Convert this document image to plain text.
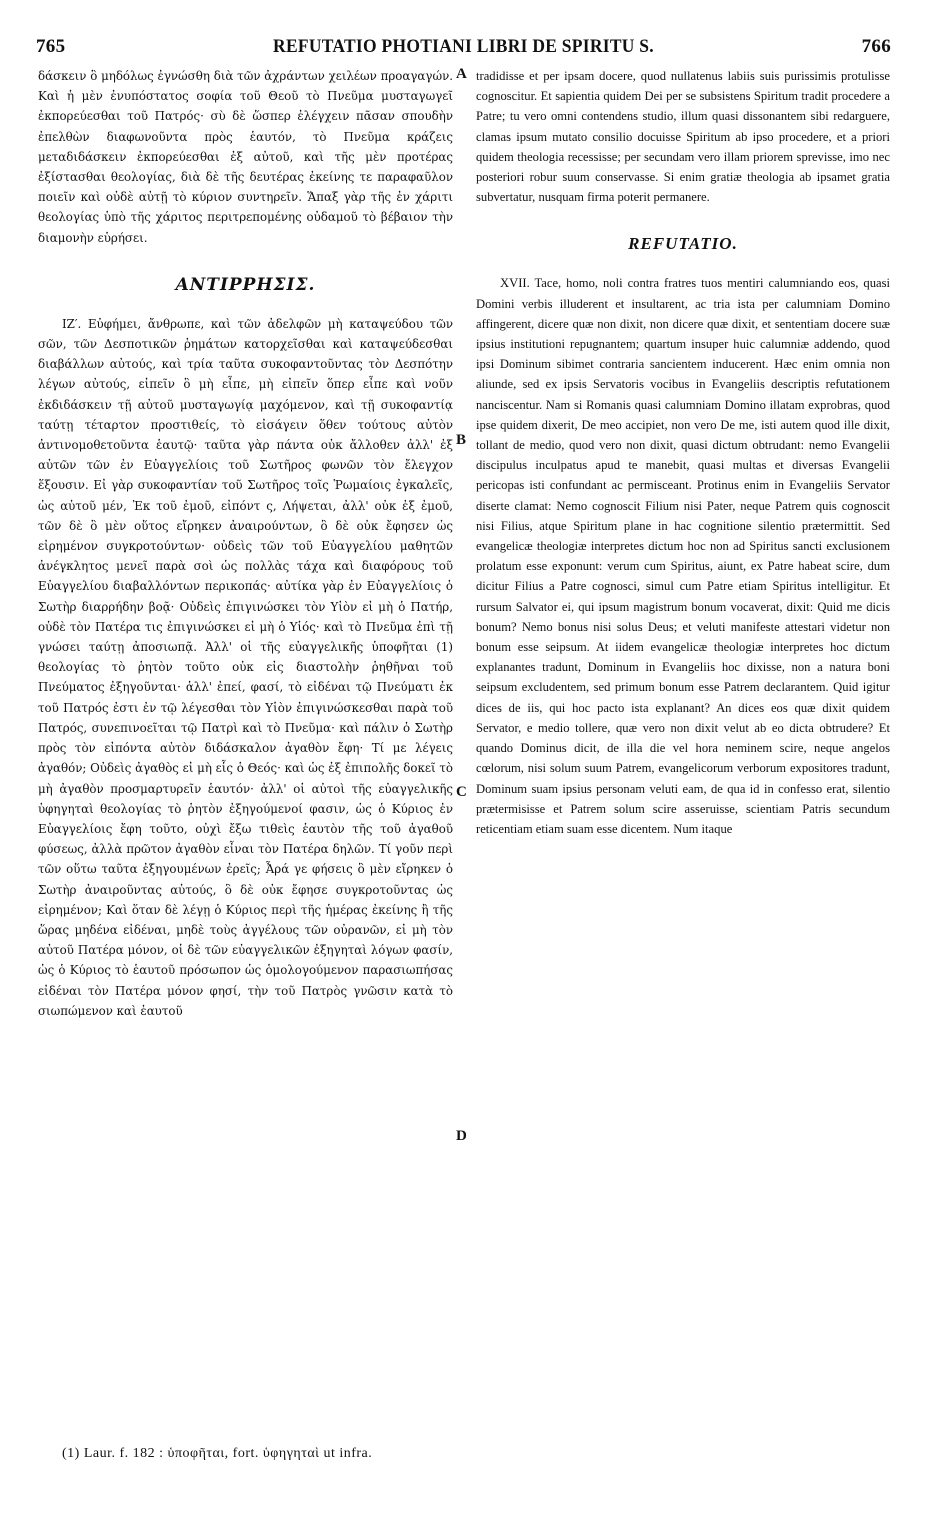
765	REFUTATIO PHOTIANI LIBRI DE SPIRITU S.	766

δάσκειν ὃ μηδόλως ἐγνώσθη διὰ τῶν ἀχράντων χειλέων προαγαγών. Καὶ ἡ μὲν ἐνυπόστατος σοφία τοῦ Θεοῦ τὸ Πνεῦμα μυσταγωγεῖ ἐκπορεύεσθαι τοῦ Πατρός· σὺ δὲ ὥσπερ ἐλέγχειν πᾶσαν σπουδὴν ἐπελθὼν διαφωνοῦντα πρὸς ἑαυτόν, τὸ Πνεῦμα κράζεις μεταδιδάσκειν ἐκπορεύεσθαι ἐξ αὐτοῦ, καὶ τῆς μὲν προτέρας ἐξίστασθαι θεολογίας, διὰ δὲ τῆς δευτέρας ἐκείνης τε παραφαῦλον ποιεῖν καὶ οὐδὲ αὐτῇ τὸ κύριον συντηρεῖν. Ἅπαξ γὰρ τῆς ἐν χάριτι θεολογίας ὑπὸ τῆς χάριτος περιτρεπομένης οὐδαμοῦ τὸ βέβαιον τὴν διαμονὴν εὑρήσει.

ΑΝΤΙΡΡΗΣΙΣ.

ΙΖ′. Εὐφήμει, ἄνθρωπε, καὶ τῶν ἀδελφῶν μὴ καταψεύδου τῶν σῶν, τῶν Δεσποτικῶν ῥημάτων κατορχεῖσθαι καὶ καταψεύδεσθαι διαβάλλων αὐτούς, καὶ τρία ταῦτα συκοφαντοῦντας τὸν Δεσπότην λέγων αὐτούς, εἰπεῖν ὃ μὴ εἶπε, μὴ εἰπεῖν ὅπερ εἶπε καὶ νοῦν ἐκδιδάσκειν τῇ αὐτοῦ μυσταγωγίᾳ μαχόμενον, καὶ τῇ συκοφαντίᾳ ταύτῃ τέταρτον προστιθείς, τὸ εἰσάγειν ὅθεν τούτους αὐτὸν ἀντινομοθετοῦντα ἑαυτῷ· ταῦτα γὰρ πάντα οὐκ ἄλλοθεν ἀλλ' ἐξ αὐτῶν τῶν ἐν Εὐαγγελίοις τοῦ Σωτῆρος φωνῶν τὸν ἔλεγχον ἕξουσιν. Εἰ γὰρ συκοφαντίαν τοῦ Σωτῆρος τοῖς Ῥωμαίοις ἐγκαλεῖς, ὡς αὐτοῦ μέν, Ἐκ τοῦ ἐμοῦ, εἰπόντ ς, Λήψεται, ἀλλ' οὐκ ἐξ ἐμοῦ, τῶν δὲ ὃ μὲν οὕτος εἴρηκεν ἀναιρούντων, ὃ δὲ οὐκ ἔφησεν ὡς εἰρημένον συγκροτούντων· οὐδεὶς τῶν τοῦ Εὐαγγελίου μαθητῶν ἀνέγκλητος μενεῖ παρὰ σοὶ ὡς πολλὰς τάχα καὶ διαφόρους τοῦ Εὐαγγελίου διαβαλλόντων περικοπάς· αὐτίκα γὰρ ἐν Εὐαγγελίοις ὁ Σωτὴρ διαρρήδην βοᾷ· Οὐδεὶς ἐπιγινώσκει τὸν Υἱὸν εἰ μὴ ὁ Πατήρ, οὐδὲ τὸν Πατέρα τις ἐπιγινώσκει εἰ μὴ ὁ Υἱός· καὶ τὸ Πνεῦμα ἐπὶ τῇ γνώσει ταύτῃ ἀποσιωπᾷ. Ἀλλ' οἱ τῆς εὐαγγελικῆς ὑποφῆται (1) θεολογίας τὸ ῥητὸν τοῦτο οὐκ εἰς διαστολὴν ῥηθῆναι τοῦ Πνεύματος ἐξηγοῦνται· ἀλλ' ἐπεί, φασί, τὸ εἰδέναι τῷ Πνεύματι ἐκ τοῦ Πατρός ἐστι ἐν τῷ λέγεσθαι τὸν Υἱὸν ἐπιγινώσκεσθαι παρὰ τοῦ Πατρός, συνεπινοεῖται τῷ Πατρὶ καὶ τὸ Πνεῦμα· καὶ πάλιν ὁ Σωτὴρ πρὸς τὸν εἰπόντα αὐτὸν διδάσκαλον ἀγαθὸν ἔφη· Τί με λέγεις ἀγαθόν; Οὐδεὶς ἀγαθὸς εἰ μὴ εἷς ὁ Θεός· καὶ ὡς ἐξ ἐπιπολῆς δοκεῖ τὸ μὴ ἀγαθὸν προσμαρτυρεῖν ἑαυτόν· ἀλλ' οἱ αὐτοὶ τῆς εὐαγγελικῆς ὑφηγηταὶ θεολογίας τὸ ῥητὸν ἐξηγούμενοί φασιν, ὡς ὁ Κύριος ἐν Εὐαγγελίοις ἔφη τοῦτο, οὐχὶ ἔξω τιθεὶς ἑαυτὸν τῆς τοῦ ἀγαθοῦ φύσεως, ἀλλὰ πρῶτον ἀγαθὸν εἶναι τὸν Πατέρα δηλῶν. Τί γοῦν περὶ τῶν οὕτω ταῦτα ἐξηγουμένων ἐρεῖς; Ἆρά γε φήσεις ὃ μὲν εἴρηκεν ὁ Σωτὴρ ἀναιροῦντας αὐτούς, ὃ δὲ οὐκ ἔφησε συγκροτοῦντας ὡς εἰρημένον; Καὶ ὅταν δὲ λέγῃ ὁ Κύριος περὶ τῆς ἡμέρας ἐκείνης ἢ τῆς ὥρας μηδένα εἰδέναι, μηδὲ τοὺς ἀγγέλους τῶν οὐρανῶν, εἰ μὴ τὸν αὐτοῦ Πατέρα μόνον, οἱ δὲ τῶν εὐαγγελικῶν ἐξηγηταὶ λόγων φασίν, ὡς ὁ Κύριος τὸ ἑαυτοῦ πρόσωπον ὡς ὁμολογούμενον παρασιωπήσας εἰδέναι τὸν Πατέρα μόνον φησί, τὴν τοῦ Πατρὸς γνῶσιν κατὰ τὸ σιωπώμενον καὶ ἑαυτοῦ

tradidisse et per ipsam docere, quod nullatenus labiis suis purissimis protulisse cognoscitur. Et sapientia quidem Dei per se subsistens Spiritum tradit procedere a Patre; tu vero omni contendens studio, illum quasi dissonantem sibi redarguere, clamas ipsum mutato consilio docuisse Spiritum ab ipso procedere, et a priori quidem theologia recessisse; per secundam vero illam priorem sprevisse, imo nec posteriori robur suum conservasse. Si enim gratiæ theologia ab ipsamet gratia subvertatur, nusquam firma poterit permanere.

REFUTATIO.

XVII. Tace, homo, noli contra fratres tuos mentiri calumniando eos, quasi Domini verbis illuderent et insultarent, ac tria ista per calumniam Domino affingerent, dicere quæ non dixit, non dicere quæ dixit, et sententiam docere suæ ipsius institutioni repugnantem; quartum insuper huic calumniæ addendo, quod ipsi Dominum sibimet contraria sancientem inducerent. Hæc enim omnia non aliunde, sed ex ipsis Servatoris vocibus in Evangeliis descriptis refutationem nanciscentur. Nam si Romanis quasi calumniam Domino illatam exprobras, quod ipse quidem dixerit, De meo accipiet, non vero De me, isti autem quod ille dixit, tollant de medio, quod vero non dixit, quasi dictum obtrudant: nemo Evangelii discipulus inculpatus apud te manebit, quasi multas et diversas Evangelii pericopas isti confundant ac permisceant. Protinus enim in Evangeliis Servator diserte clamat: Nemo cognoscit Filium nisi Pater, neque Patrem quis cognoscit nisi Filius, atque Spiritum plane in hac cognitione silentio prætermittit. Sed evangelicæ theologiæ interpretes dictum hoc non ad Spiritus sancti exclusionem prolatum esse exponunt: verum cum Spiritus, aiunt, ex Patre habeat scire, dum dicitur Filius a Patre cognosci, simul cum Patre etiam Spiritus intelligitur. Et rursum Salvator ei, qui ipsum magistrum bonum vocaverat, dixit: Quid me dicis bonum? Nemo bonus nisi solus Deus; et veluti manifeste attestari videtur non bonum esse seipsum. At iidem evangelicæ theologiæ interpretes hoc dictum explanantes tradunt, Dominum in Evangeliis hoc dixisse, non a natura boni seipsum excludentem, sed primum bonum esse Patrem declarantem. Quid igitur dices de iis, qui hoc pacto ista explanant? An dices eos quæ dixit quidem Servator, e medio tollere, quæ vero non dixit velut ab eo dicta obtrudere? Et quando Dominus dicit, de illa die vel hora neminem scire, neque angelos cœlorum, nisi solum suum Patrem, evangelicorum verborum expositores tradunt, Dominum suam ipsius personam veluti eam, de qua id in confesso erat, silentio prætermisisse et Patrem solum scire asseruisse, scientiam Patris secundum reticentiam etiam suam esse dicentem. Num itaque

A
B
C
D
(1) Laur. f. 182 : ὑποφῆται, fort. ὑφηγηταὶ ut infra.
